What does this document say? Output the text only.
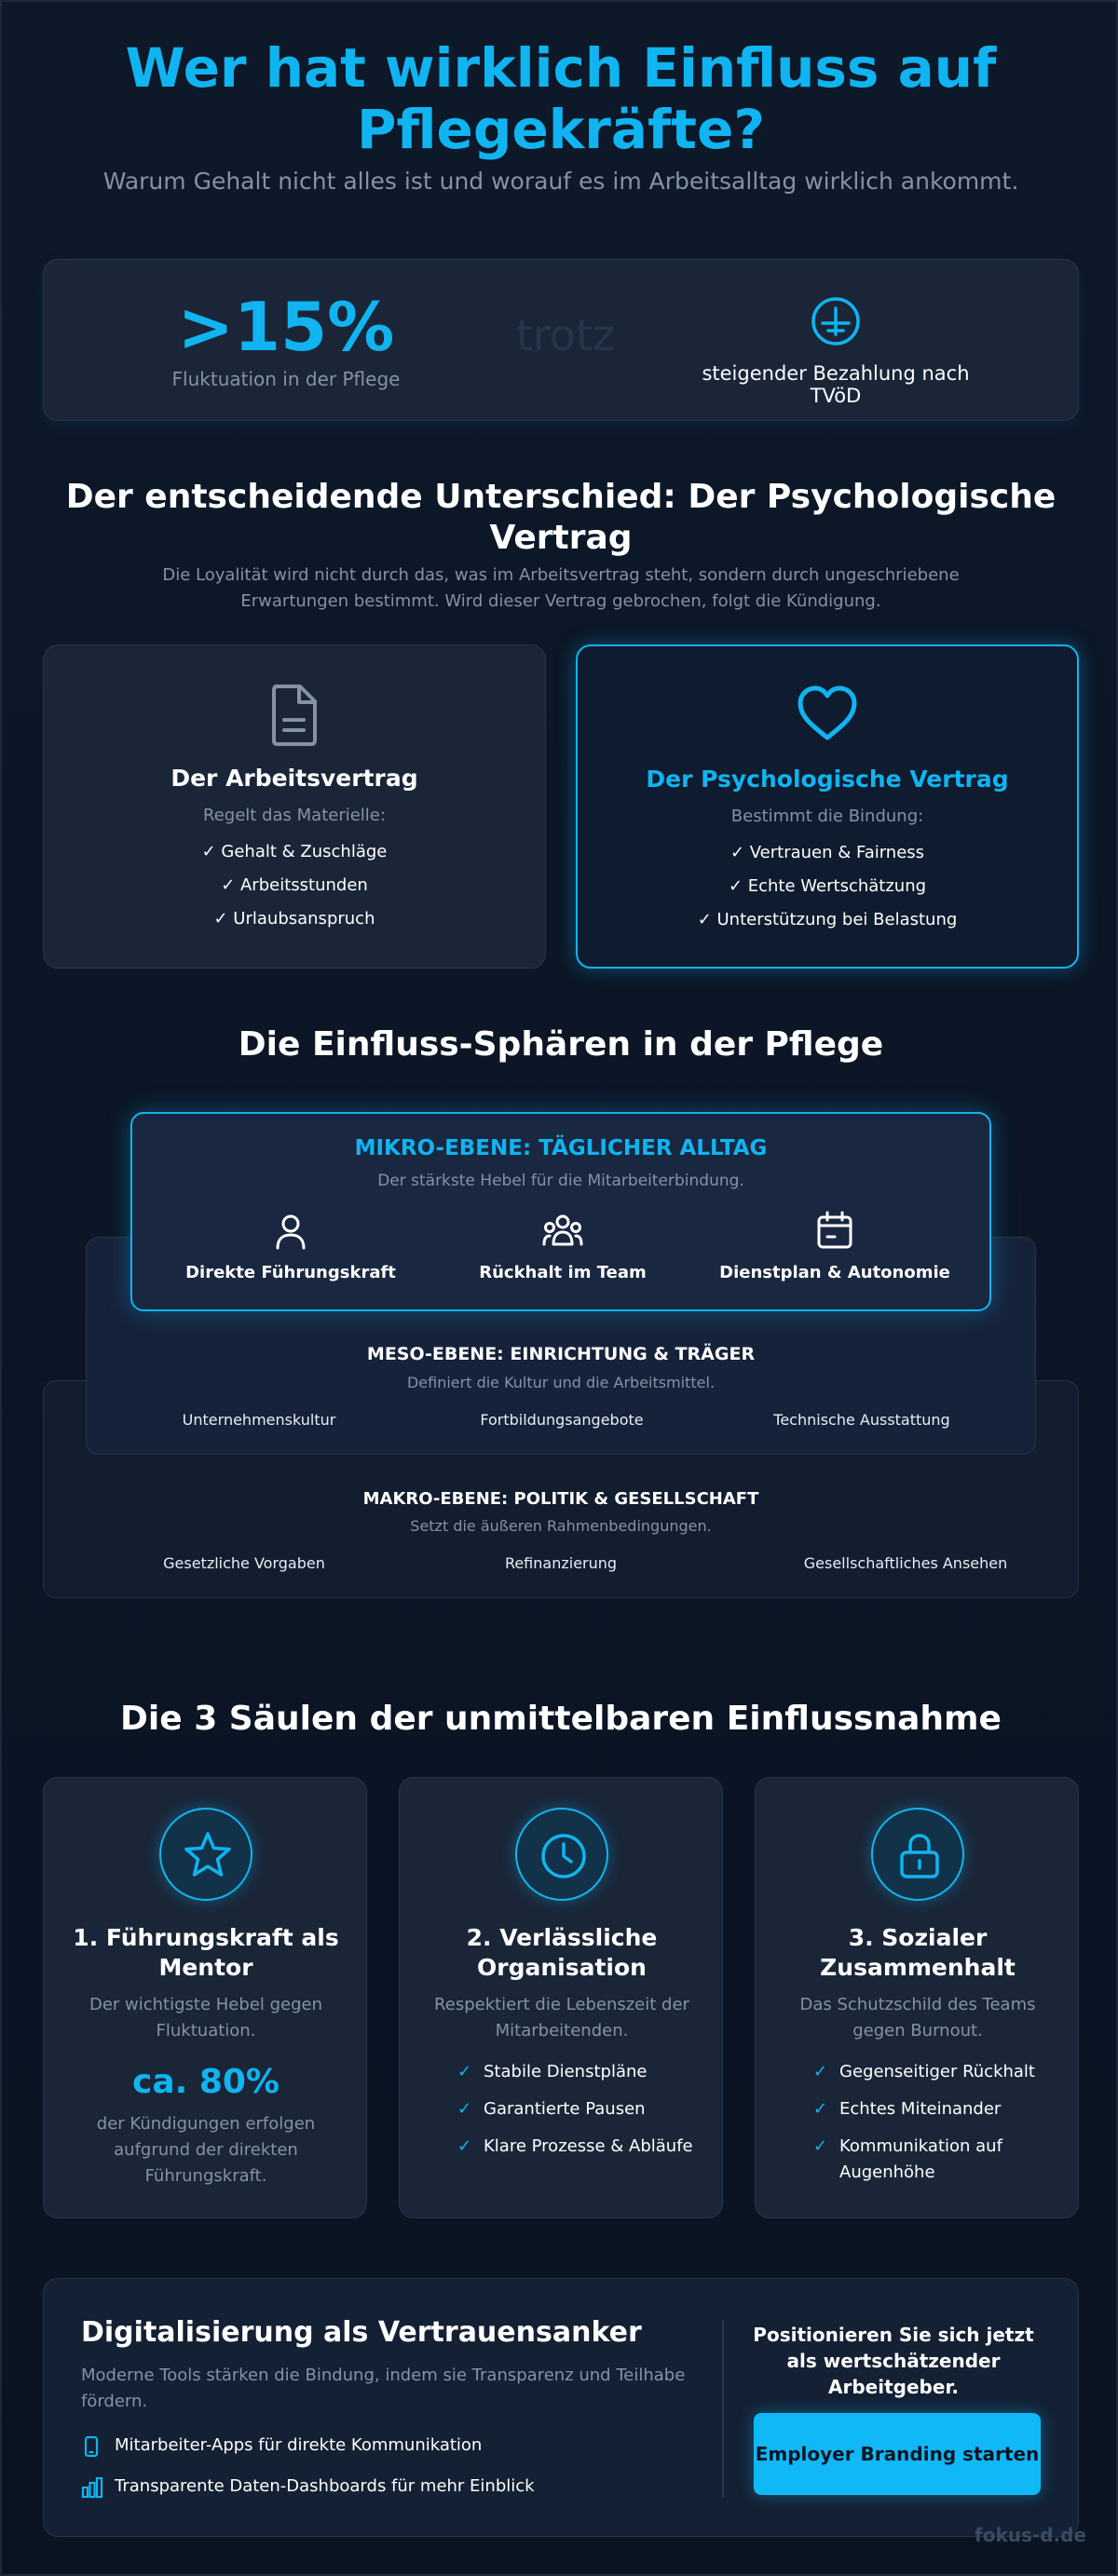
Wer hat wirklich Einfluss auf Pflegekräfte?

Warum Gehalt nicht alles ist und worauf es im Arbeitsalltag wirklich ankommt.

>15%
Fluktuation in der Pflege
trotz
steigender Bezahlung nach TVöD
Der entscheidende Unterschied: Der Psychologische Vertrag

Die Loyalität wird nicht durch das, was im Arbeitsvertrag steht, sondern durch ungeschriebene Erwartungen bestimmt. Wird dieser Vertrag gebrochen, folgt die Kündigung.

Der Arbeitsvertrag
Regelt das Materielle:
✓ Gehalt & Zuschläge
✓ Arbeitsstunden
✓ Urlaubsanspruch
Der Psychologische Vertrag
Bestimmt die Bindung:
✓ Vertrauen & Fairness
✓ Echte Wertschätzung
✓ Unterstützung bei Belastung
Die Einfluss-Sphären in der Pflege
MAKRO-EBENE: POLITIK & GESELLSCHAFT
Setzt die äußeren Rahmenbedingungen.
Gesetzliche Vorgaben	Refinanzierung	Gesellschaftliches Ansehen
MESO-EBENE: EINRICHTUNG & TRÄGER
Definiert die Kultur und die Arbeitsmittel.
Unternehmenskultur	Fortbildungsangebote	Technische Ausstattung
MIKRO-EBENE: TÄGLICHER ALLTAG
Der stärkste Hebel für die Mitarbeiterbindung.
Direkte Führungskraft	Rückhalt im Team	Dienstplan & Autonomie
Die 3 Säulen der unmittelbaren Einflussnahme
1. Führungskraft als Mentor
Der wichtigste Hebel gegen Fluktuation.
ca. 80%
der Kündigungen erfolgen aufgrund der direkten Führungskraft.
2. Verlässliche Organisation
Respektiert die Lebenszeit der Mitarbeitenden.
✓ Stabile Dienstpläne
✓ Garantierte Pausen
✓ Klare Prozesse & Abläufe
3. Sozialer Zusammenhalt
Das Schutzschild des Teams gegen Burnout.
✓ Gegenseitiger Rückhalt
✓ Echtes Miteinander
✓ Kommunikation auf Augenhöhe
Digitalisierung als Vertrauensanker
Moderne Tools stärken die Bindung, indem sie Transparenz und Teilhabe fördern.
Mitarbeiter-Apps für direkte Kommunikation
Transparente Daten-Dashboards für mehr Einblick
Positionieren Sie sich jetzt als wertschätzender Arbeitgeber.
Employer Branding starten
fokus-d.de
